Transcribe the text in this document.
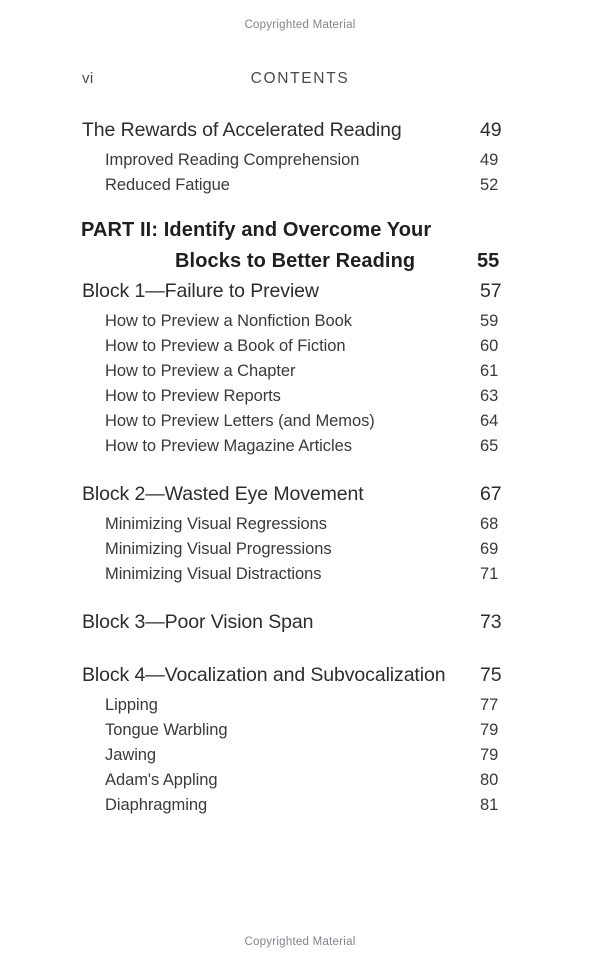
Copyrighted Material
vi	CONTENTS
The Rewards of Accelerated Reading	49
Improved Reading Comprehension	49
Reduced Fatigue	52
PART II: Identify and Overcome Your
Blocks to Better Reading	55
Block 1—Failure to Preview	57
How to Preview a Nonfiction Book	59
How to Preview a Book of Fiction	60
How to Preview a Chapter	61
How to Preview Reports	63
How to Preview Letters (and Memos)	64
How to Preview Magazine Articles	65
Block 2—Wasted Eye Movement	67
Minimizing Visual Regressions	68
Minimizing Visual Progressions	69
Minimizing Visual Distractions	71
Block 3—Poor Vision Span	73
Block 4—Vocalization and Subvocalization 75
Lipping	77
Tongue Warbling	79
Jawing	79
Adam's Appling	80
Diaphragming	81
Copyrighted Material
